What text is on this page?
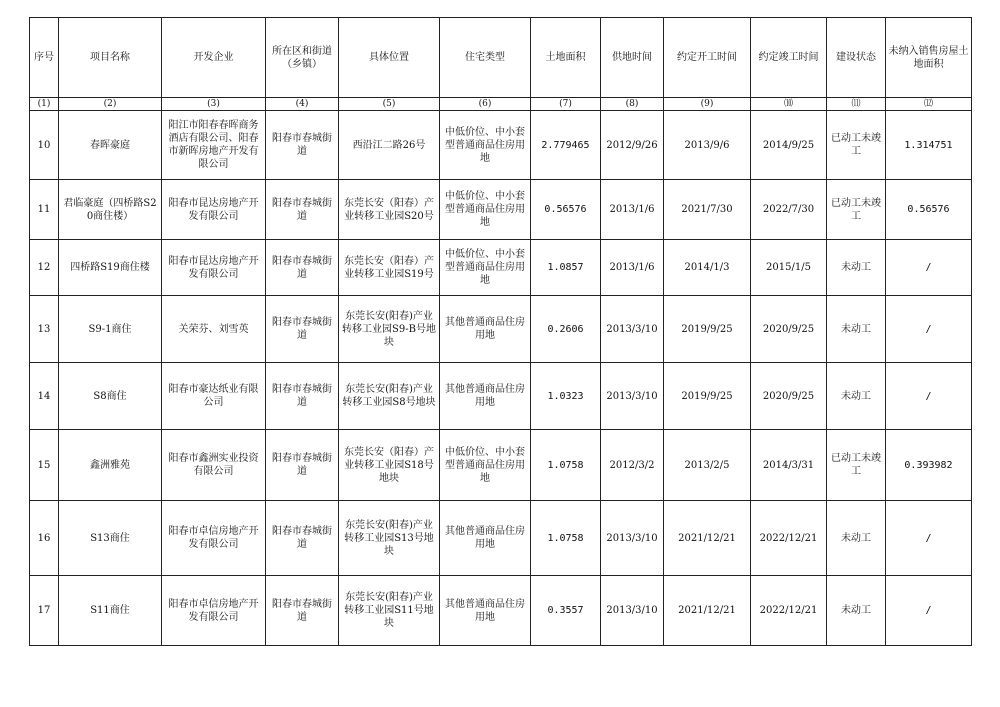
序号	项目名称	开发企业	所在区和街道（乡镇）	具体位置	住宅类型	土地面积	供地时间	约定开工时间	约定竣工时间	建设状态	未纳入销售房屋土地面积
(1)	(2)	(3)	(4)	(5)	(6)	(7)	(8)	(9)	⑽	⑾	⑿
10	春晖豪庭	阳江市阳春春晖商务酒店有限公司、阳春市新晖房地产开发有限公司	阳春市春城街道	西沿江二路26号	中低价位、中小套型普通商品住房用地	2.779465	2012/9/26	2013/9/6	2014/9/25	已动工未竣工	1.314751
11	君临豪庭（四桥路S20商住楼）	阳春市昆达房地产开发有限公司	阳春市春城街道	东莞长安（阳春）产业转移工业园S20号	中低价位、中小套型普通商品住房用地	0.56576	2013/1/6	2021/7/30	2022/7/30	已动工未竣工	0.56576
12	四桥路S19商住楼	阳春市昆达房地产开发有限公司	阳春市春城街道	东莞长安（阳春）产业转移工业园S19号	中低价位、中小套型普通商品住房用地	1.0857	2013/1/6	2014/1/3	2015/1/5	未动工	/
13	S9-1商住	关荣芬、刘雪英	阳春市春城街道	东莞长安(阳春)产业转移工业园S9-B号地块	其他普通商品住房用地	0.2606	2013/3/10	2019/9/25	2020/9/25	未动工	/
14	S8商住	阳春市豪达纸业有限公司	阳春市春城街道	东莞长安(阳春)产业转移工业园S8号地块	其他普通商品住房用地	1.0323	2013/3/10	2019/9/25	2020/9/25	未动工	/
15	鑫洲雅苑	阳春市鑫洲实业投资有限公司	阳春市春城街道	东莞长安（阳春）产业转移工业园S18号地块	中低价位、中小套型普通商品住房用地	1.0758	2012/3/2	2013/2/5	2014/3/31	已动工未竣工	0.393982
16	S13商住	阳春市卓信房地产开发有限公司	阳春市春城街道	东莞长安(阳春)产业转移工业园S13号地块	其他普通商品住房用地	1.0758	2013/3/10	2021/12/21	2022/12/21	未动工	/
17	S11商住	阳春市卓信房地产开发有限公司	阳春市春城街道	东莞长安(阳春)产业转移工业园S11号地块	其他普通商品住房用地	0.3557	2013/3/10	2021/12/21	2022/12/21	未动工	/
